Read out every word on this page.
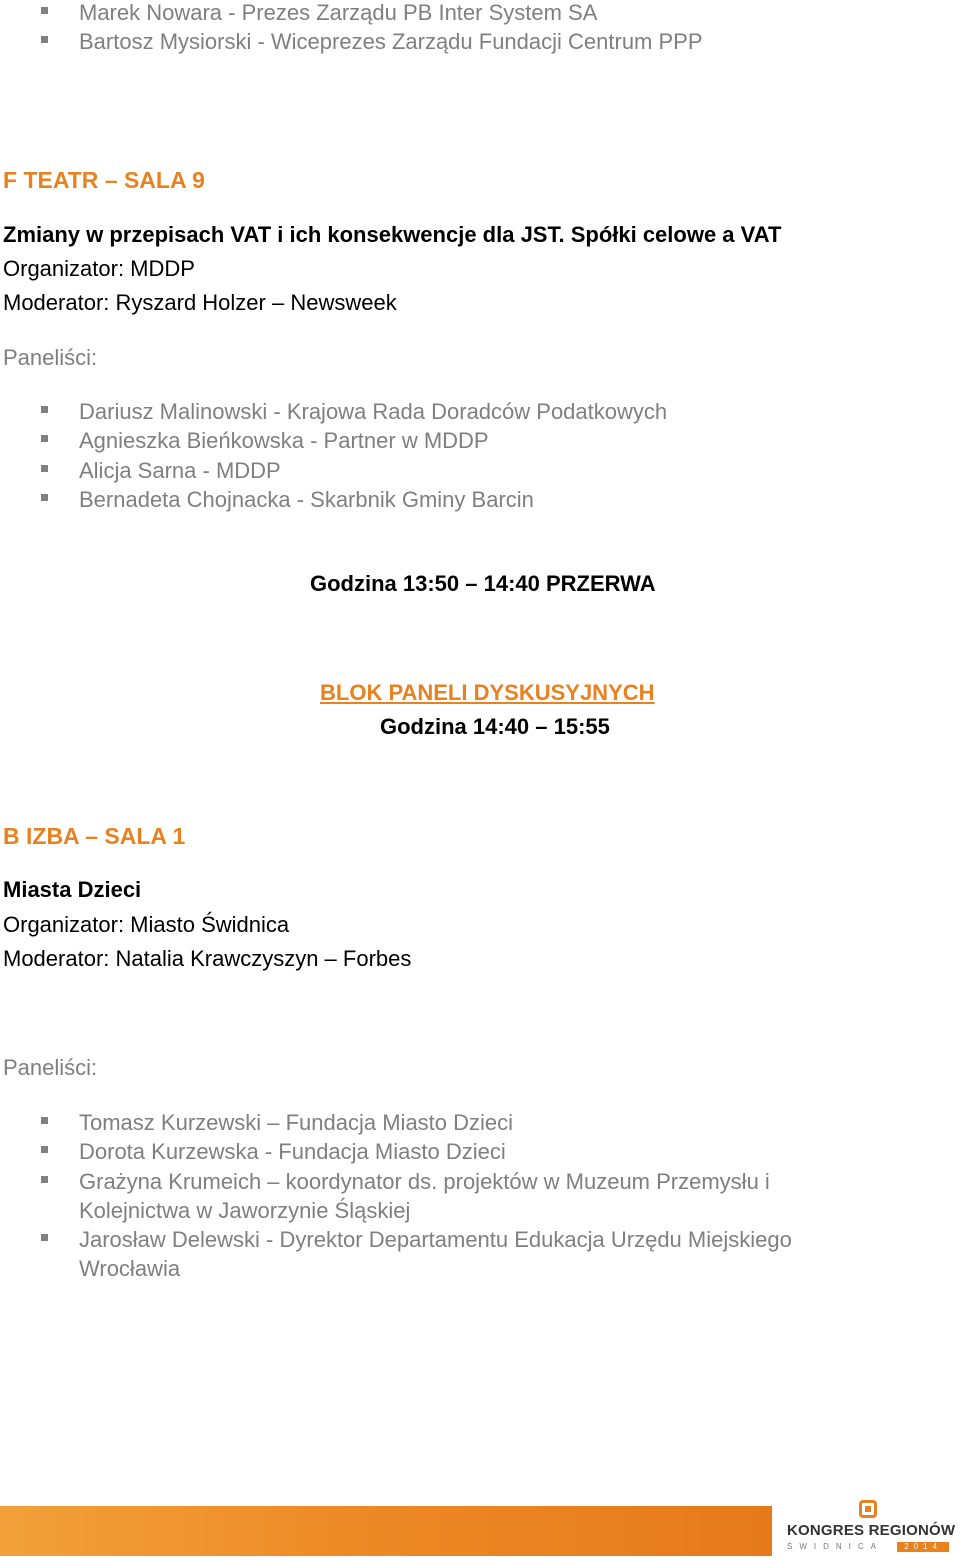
Marek Nowara - Prezes Zarządu PB Inter System SA
Bartosz Mysiorski - Wiceprezes Zarządu Fundacji Centrum PPP
F TEATR – SALA 9
Zmiany w przepisach VAT i ich konsekwencje dla JST. Spółki celowe a VAT
Organizator: MDDP
Moderator: Ryszard Holzer – Newsweek
Paneliści:
Dariusz Malinowski - Krajowa Rada Doradców Podatkowych
Agnieszka Bieńkowska - Partner w MDDP
Alicja Sarna - MDDP
Bernadeta Chojnacka - Skarbnik Gminy Barcin
Godzina 13:50 – 14:40 PRZERWA
BLOK PANELI DYSKUSYJNYCH
Godzina 14:40 – 15:55
B IZBA – SALA 1
Miasta Dzieci
Organizator: Miasto Świdnica
Moderator: Natalia Krawczyszyn – Forbes
Paneliści:
Tomasz Kurzewski – Fundacja Miasto Dzieci
Dorota Kurzewska - Fundacja Miasto Dzieci
Grażyna Krumeich – koordynator ds. projektów w Muzeum Przemysłu i
Kolejnictwa w Jaworzynie Śląskiej
Jarosław Delewski - Dyrektor Departamentu Edukacja Urzędu Miejskiego
Wrocławia
KONGRES REGIONÓW
ŚWIDNICA	2014
